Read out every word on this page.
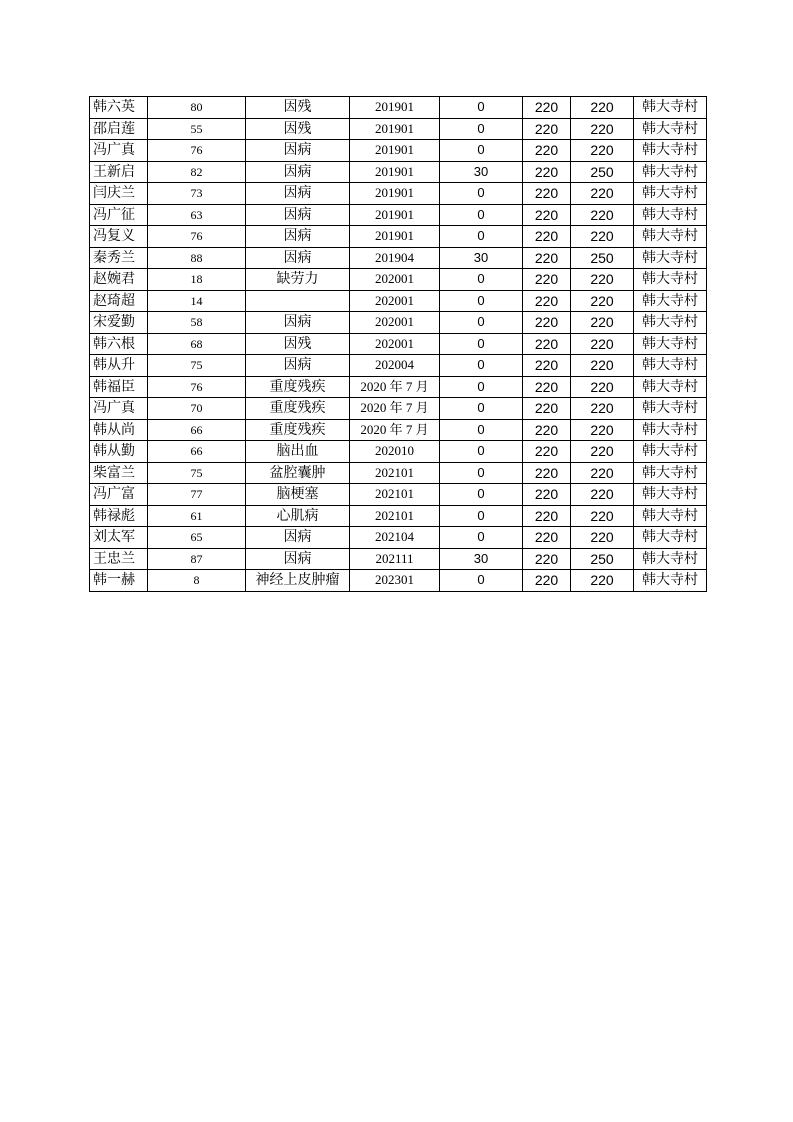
韩六英	80	因残	201901	0	220	220	韩大寺村
邵启莲	55	因残	201901	0	220	220	韩大寺村
冯广真	76	因病	201901	0	220	220	韩大寺村
王新启	82	因病	201901	30	220	250	韩大寺村
闫庆兰	73	因病	201901	0	220	220	韩大寺村
冯广征	63	因病	201901	0	220	220	韩大寺村
冯复义	76	因病	201901	0	220	220	韩大寺村
秦秀兰	88	因病	201904	30	220	250	韩大寺村
赵婉君	18	缺劳力	202001	0	220	220	韩大寺村
赵琦超	14		202001	0	220	220	韩大寺村
宋爱勤	58	因病	202001	0	220	220	韩大寺村
韩六根	68	因残	202001	0	220	220	韩大寺村
韩从升	75	因病	202004	0	220	220	韩大寺村
韩福臣	76	重度残疾	2020 年 7 月	0	220	220	韩大寺村
冯广真	70	重度残疾	2020 年 7 月	0	220	220	韩大寺村
韩从尚	66	重度残疾	2020 年 7 月	0	220	220	韩大寺村
韩从勤	66	脑出血	202010	0	220	220	韩大寺村
柴富兰	75	盆腔囊肿	202101	0	220	220	韩大寺村
冯广富	77	脑梗塞	202101	0	220	220	韩大寺村
韩禄彪	61	心肌病	202101	0	220	220	韩大寺村
刘太军	65	因病	202104	0	220	220	韩大寺村
王忠兰	87	因病	202111	30	220	250	韩大寺村
韩一赫	8	神经上皮肿瘤	202301	0	220	220	韩大寺村
